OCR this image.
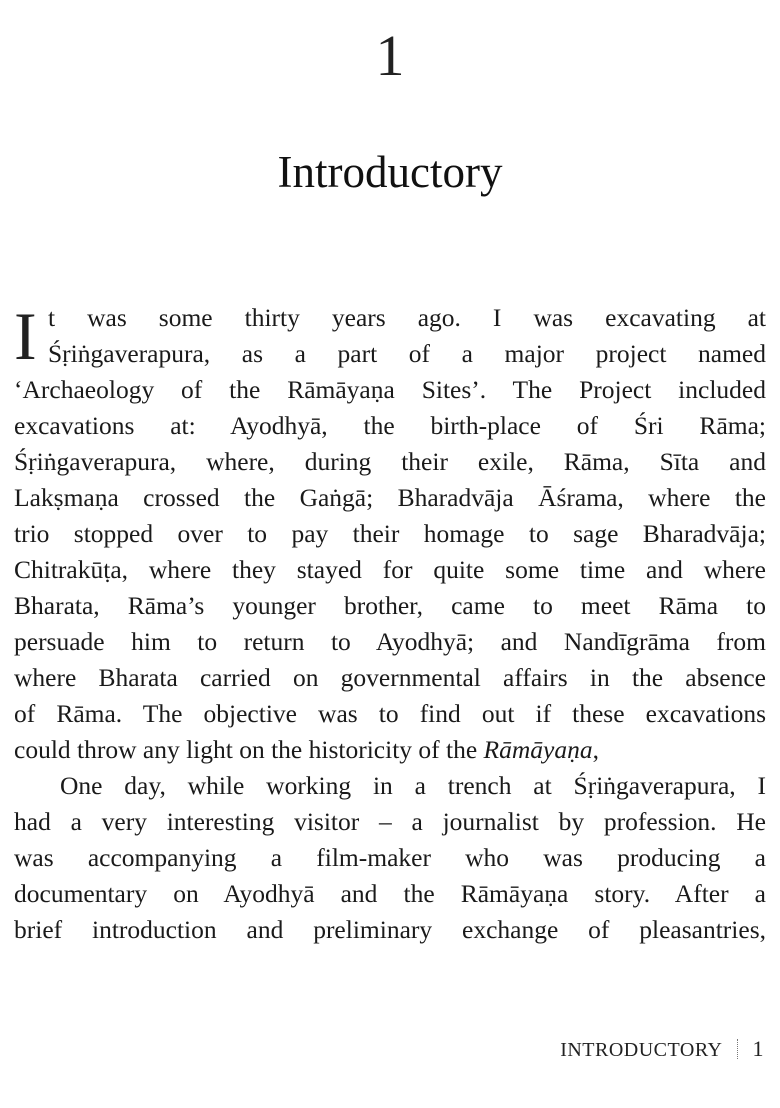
1
Introductory
I t was some thirty years ago. I was excavating at
Śṛiṅgaverapura, as a part of a major project named
‘Archaeology of the Rāmāyaṇa Sites’. The Project included
excavations at: Ayodhyā, the birth-place of Śri Rāma;
Śṛiṅgaverapura, where, during their exile, Rāma, Sīta and
Lakṣmaṇa crossed the Gaṅgā; Bharadvāja Āśrama, where the
trio stopped over to pay their homage to sage Bharadvāja;
Chitrakūṭa, where they stayed for quite some time and where
Bharata, Rāma’s younger brother, came to meet Rāma to
persuade him to return to Ayodhyā; and Nandīgrāma from
where Bharata carried on governmental affairs in the absence
of Rāma. The objective was to find out if these excavations
could throw any light on the historicity of the Rāmāyaṇa,
One day, while working in a trench at Śṛiṅgaverapura, I
had a very interesting visitor – a journalist by profession. He
was accompanying a film-maker who was producing a
documentary on Ayodhyā and the Rāmāyaṇa story. After a
brief introduction and preliminary exchange of pleasantries,
INTRODUCTORY 1
